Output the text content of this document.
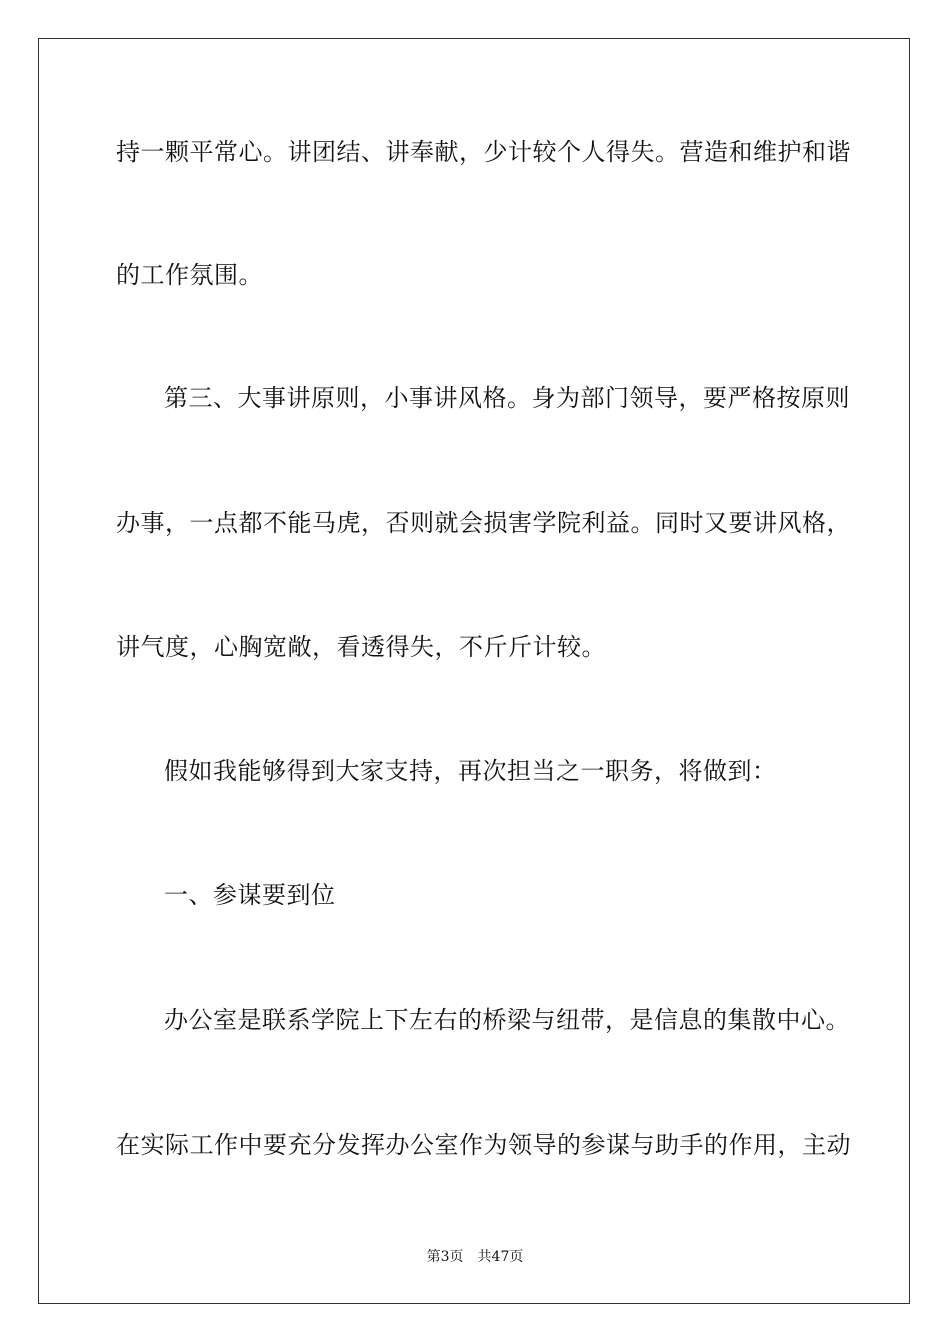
持一颗平常心。讲团结、讲奉献，少计较个人得失。营造和维护和谐
的工作氛围。
第三、大事讲原则，小事讲风格。身为部门领导，要严格按原则
办事，一点都不能马虎，否则就会损害学院利益。同时又要讲风格，
讲气度，心胸宽敞，看透得失，不斤斤计较。
假如我能够得到大家支持，再次担当之一职务，将做到：
一、参谋要到位
办公室是联系学院上下左右的桥梁与纽带，是信息的集散中心。
在实际工作中要充分发挥办公室作为领导的参谋与助手的作用，主动
第3页 共47页
